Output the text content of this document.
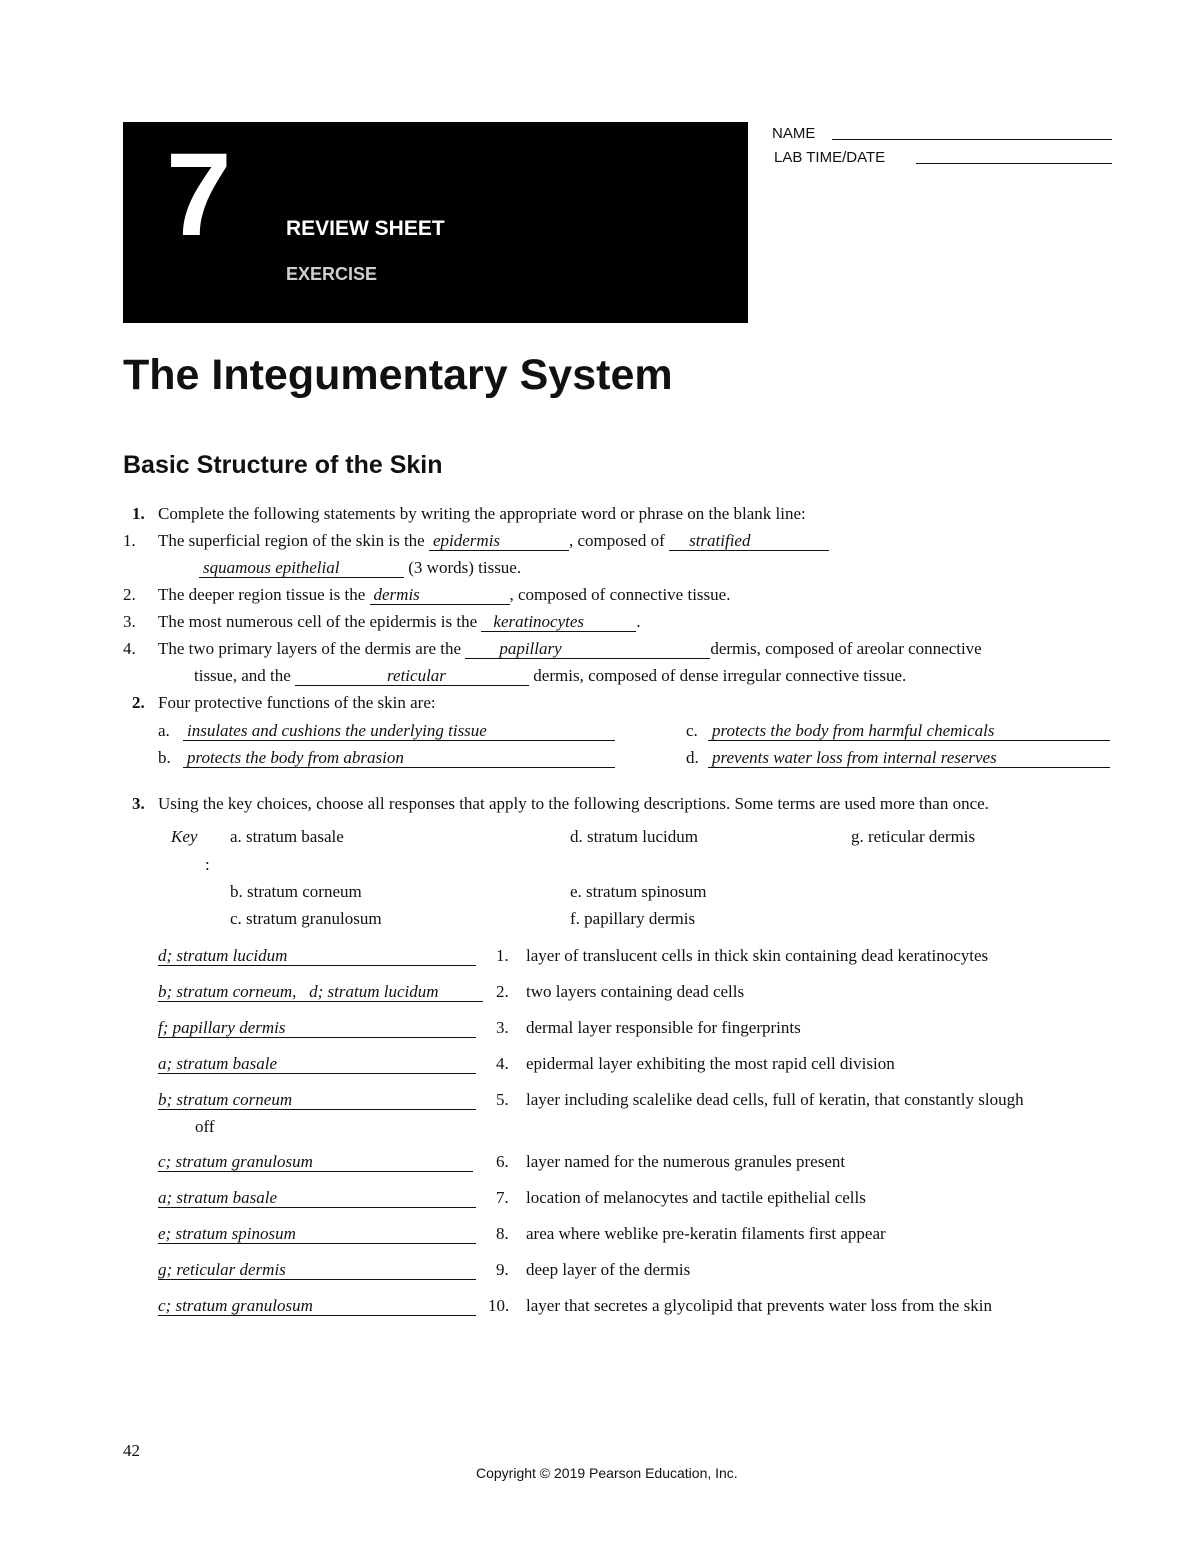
7	REVIEW SHEET
EXERCISE
NAME
LAB TIME/DATE
The Integumentary System
Basic Structure of the Skin
1. Complete the following statements by writing the appropriate word or phrase on the blank line:
1. The superficial region of the skin is the epidermis	, composed of stratified
squamous epithelial	(3 words) tissue.
2. The deeper region tissue is the dermis	, composed of connective tissue.
3. The most numerous cell of the epidermis is the keratinocytes	.
4. The two primary layers of the dermis are the papillary	dermis, composed of areolar connective
tissue, and the	reticular	dermis, composed of dense irregular connective tissue.
2. Four protective functions of the skin are:
a. insulates and cushions the underlying tissue
b. protects the body from abrasion
c. protects the body from harmful chemicals
d. prevents water loss from internal reserves
3. Using the key choices, choose all responses that apply to the following descriptions. Some terms are used more than once.
Key
:
a. stratum basale
b. stratum corneum
c. stratum granulosum
d. stratum lucidum
e. stratum spinosum
f. papillary dermis
g. reticular dermis
d; stratum lucidum	1. layer of translucent cells in thick skin containing dead keratinocytes
b; stratum corneum,   d; stratum lucidum	2. two layers containing dead cells
f; papillary dermis	3. dermal layer responsible for fingerprints
a; stratum basale	4. epidermal layer exhibiting the most rapid cell division
b; stratum corneum	5. layer including scalelike dead cells, full of keratin, that constantly slough
off
c; stratum granulosum	6. layer named for the numerous granules present
a; stratum basale	7. location of melanocytes and tactile epithelial cells
e; stratum spinosum	8. area where weblike pre-keratin filaments first appear
g; reticular dermis	9. deep layer of the dermis
c; stratum granulosum	10. layer that secretes a glycolipid that prevents water loss from the skin
42
Copyright © 2019 Pearson Education, Inc.
